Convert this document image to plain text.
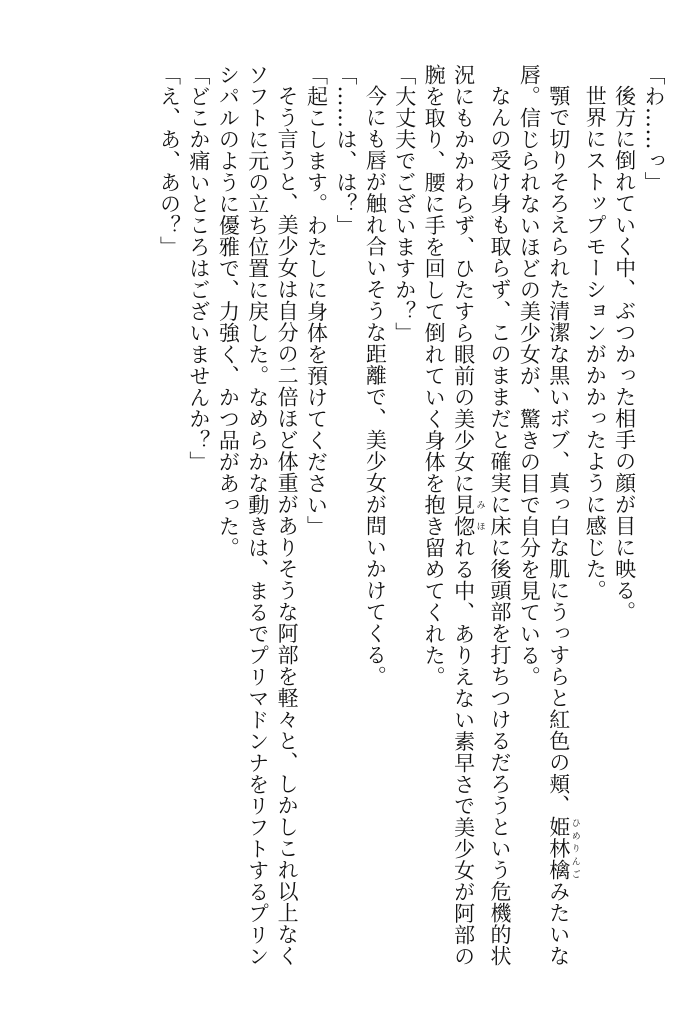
「わ……っ」

後方に倒れていく中、ぶつかった相手の顔が目に映る。

世界にストップモーションがかかったように感じた。

顎で切りそろえられた清潔な黒いボブ、真っ白な肌にうっすらと紅色の頬、姫林檎 ひめりんごみたいな

唇。信じられないほどの美少女が、驚きの目で自分を見ている。

なんの受け身も取らず、このままだと確実に床に後頭部を打ちつけるだろうという危機的状

況にもかかわらず、ひたすら眼前の美少女に見惚 みほれる中、ありえない素早さで美少女が阿部の

腕を取り、腰に手を回して倒れていく身体を抱き留めてくれた。

「大丈夫でございますか？」

今にも唇が触れ合いそうな距離で、美少女が問いかけてくる。

「……は、は？」

「起こします。わたしに身体を預けてください」

そう言うと、美少女は自分の二倍ほど体重がありそうな阿部を軽々と、しかしこれ以上なく

ソフトに元の立ち位置に戻した。なめらかな動きは、まるでプリマドンナをリフトするプリン

シパルのように優雅で、力強く、かつ品があった。

「どこか痛いところはございませんか？」

「え、あ、あの？」
